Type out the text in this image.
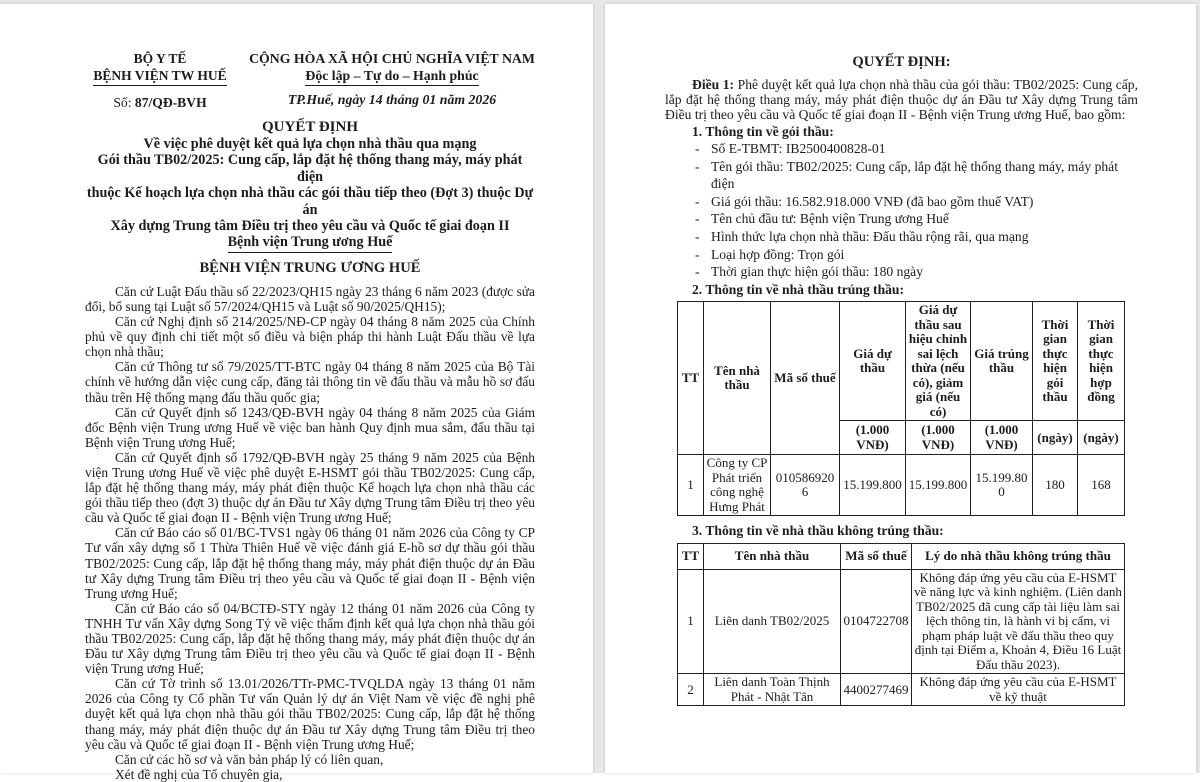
BỘ Y TẾ
BỆNH VIỆN TW HUẾ
Số: 87/QĐ-BVH
CỘNG HÒA XÃ HỘI CHỦ NGHĨA VIỆT NAM
Độc lập – Tự do – Hạnh phúc
TP.Huế, ngày 14 tháng 01 năm 2026
QUYẾT ĐỊNH
Về việc phê duyệt kết quả lựa chọn nhà thầu qua mạng
Gói thầu TB02/2025: Cung cấp, lắp đặt hệ thống thang máy, máy phát điện
thuộc Kế hoạch lựa chọn nhà thầu các gói thầu tiếp theo (Đợt 3) thuộc Dự án
Xây dựng Trung tâm Điều trị theo yêu cầu và Quốc tế giai đoạn II
Bệnh viện Trung ương Huế
BỆNH VIỆN TRUNG ƯƠNG HUẾ

Căn cứ Luật Đấu thầu số 22/2023/QH15 ngày 23 tháng 6 năm 2023 (được sửa đổi, bổ sung tại Luật số 57/2024/QH15 và Luật số 90/2025/QH15);

Căn cứ Nghị định số 214/2025/NĐ-CP ngày 04 tháng 8 năm 2025 của Chính phủ về quy định chi tiết một số điều và biện pháp thi hành Luật Đấu thầu về lựa chọn nhà thầu;

Căn cứ Thông tư số 79/2025/TT-BTC ngày 04 tháng 8 năm 2025 của Bộ Tài chính về hướng dẫn việc cung cấp, đăng tải thông tin về đấu thầu và mẫu hồ sơ đấu thầu trên Hệ thống mạng đấu thầu quốc gia;

Căn cứ Quyết định số 1243/QĐ-BVH ngày 04 tháng 8 năm 2025 của Giám đốc Bệnh viện Trung ương Huế về việc ban hành Quy định mua sắm, đấu thầu tại Bệnh viện Trung ương Huế;

Căn cứ Quyết định số 1792/QĐ-BVH ngày 25 tháng 9 năm 2025 của Bệnh viện Trung ương Huế về việc phê duyệt E-HSMT gói thầu TB02/2025: Cung cấp, lắp đặt hệ thống thang máy, máy phát điện thuộc Kế hoạch lựa chọn nhà thầu các gói thầu tiếp theo (đợt 3) thuộc dự án Đầu tư Xây dựng Trung tâm Điều trị theo yêu cầu và Quốc tế giai đoạn II - Bệnh viện Trung ương Huế;

Căn cứ Báo cáo số 01/BC-TVS1 ngày 06 tháng 01 năm 2026 của Công ty CP Tư vấn xây dựng số 1 Thừa Thiên Huế về việc đánh giá E-hồ sơ dự thầu gói thầu TB02/2025: Cung cấp, lắp đặt hệ thống thang máy, máy phát điện thuộc dự án Đầu tư Xây dựng Trung tâm Điều trị theo yêu cầu và Quốc tế giai đoạn II - Bệnh viện Trung ương Huế;

Căn cứ Báo cáo số 04/BCTĐ-STY ngày 12 tháng 01 năm 2026 của Công ty TNHH Tư vấn Xây dựng Song Tý về việc thẩm định kết quả lựa chọn nhà thầu gói thầu TB02/2025: Cung cấp, lắp đặt hệ thống thang máy, máy phát điện thuộc dự án Đầu tư Xây dựng Trung tâm Điều trị theo yêu cầu và Quốc tế giai đoạn II - Bệnh viện Trung ương Huế;

Căn cứ Tờ trình số 13.01/2026/TTr-PMC-TVQLDA ngày 13 tháng 01 năm 2026 của Công ty Cổ phần Tư vấn Quản lý dự án Việt Nam về việc đề nghị phê duyệt kết quả lựa chọn nhà thầu gói thầu TB02/2025: Cung cấp, lắp đặt hệ thống thang máy, máy phát điện thuộc dự án Đầu tư Xây dựng Trung tâm Điều trị theo yêu cầu và Quốc tế giai đoạn II - Bệnh viện Trung ương Huế;

Căn cứ các hồ sơ và văn bản pháp lý có liên quan,

Xét đề nghị của Tổ chuyên gia,

QUYẾT ĐỊNH:

Điều 1: Phê duyệt kết quả lựa chọn nhà thầu của gói thầu: TB02/2025: Cung cấp, lắp đặt hệ thống thang máy, máy phát điện thuộc dự án Đầu tư Xây dựng Trung tâm Điều trị theo yêu cầu và Quốc tế giai đoạn II - Bệnh viện Trung ương Huế, bao gồm:

1. Thông tin về gói thầu:
- Số E-TBMT: IB2500400828-01
- Tên gói thầu: TB02/2025: Cung cấp, lắp đặt hệ thống thang máy, máy phát điện
- Giá gói thầu: 16.582.918.000 VNĐ (đã bao gồm thuế VAT)
- Tên chủ đầu tư: Bệnh viện Trung ương Huế
- Hình thức lựa chọn nhà thầu: Đấu thầu rộng rãi, qua mạng
- Loại hợp đồng: Trọn gói
- Thời gian thực hiện gói thầu: 180 ngày
2. Thông tin về nhà thầu trúng thầu:
TT	Tên nhà thầu	Mã số thuế	Giá dự thầu	Giá dự thầu sau hiệu chỉnh sai lệch thừa (nếu có), giảm giá (nếu có)	Giá trúng thầu	Thời gian thực hiện gói thầu	Thời gian thực hiện hợp đồng
			(1.000 VNĐ)	(1.000 VNĐ)	(1.000 VNĐ)	(ngày)	(ngày)
1	Công ty CP Phát triển công nghệ Hưng Phát	0105869206	15.199.800	15.199.800	15.199.800	180	168
3. Thông tin về nhà thầu không trúng thầu:
TT	Tên nhà thầu	Mã số thuế	Lý do nhà thầu không trúng thầu
1	Liên danh TB02/2025	0104722708	Không đáp ứng yêu cầu của E-HSMT về năng lực và kinh nghiệm. (Liên danh TB02/2025 đã cung cấp tài liệu làm sai lệch thông tin, là hành vi bị cấm, vi phạm pháp luật về đấu thầu theo quy định tại Điểm a, Khoản 4, Điều 16 Luật Đấu thầu 2023).
2	Liên danh Toàn Thịnh Phát - Nhật Tân	4400277469	Không đáp ứng yêu cầu của E-HSMT về kỹ thuật
